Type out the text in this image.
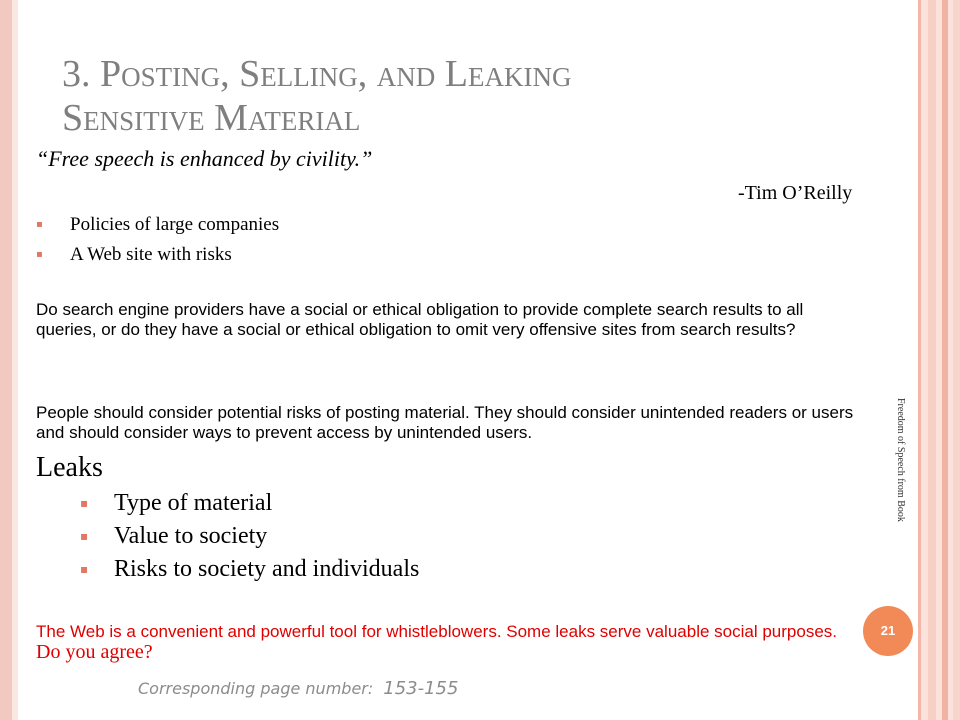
3. Posting, Selling, and Leaking
Sensitive Material
“Free speech is enhanced by civility.”
-Tim O’Reilly
▪ Policies of large companies
▪ A Web site with risks
Do search engine providers have a social or ethical obligation to provide complete search results to all queries, or do they have a social or ethical obligation to omit very offensive sites from search results?
People should consider potential risks of posting material. They should consider unintended readers or users and should consider ways to prevent access by unintended users.
Leaks
▪ Type of material
▪ Value to society
▪ Risks to society and individuals
The Web is a convenient and powerful tool for whistleblowers. Some leaks serve valuable social purposes. Do you agree?
Corresponding page number: 153-155
Freedom of Speech from Book
21
